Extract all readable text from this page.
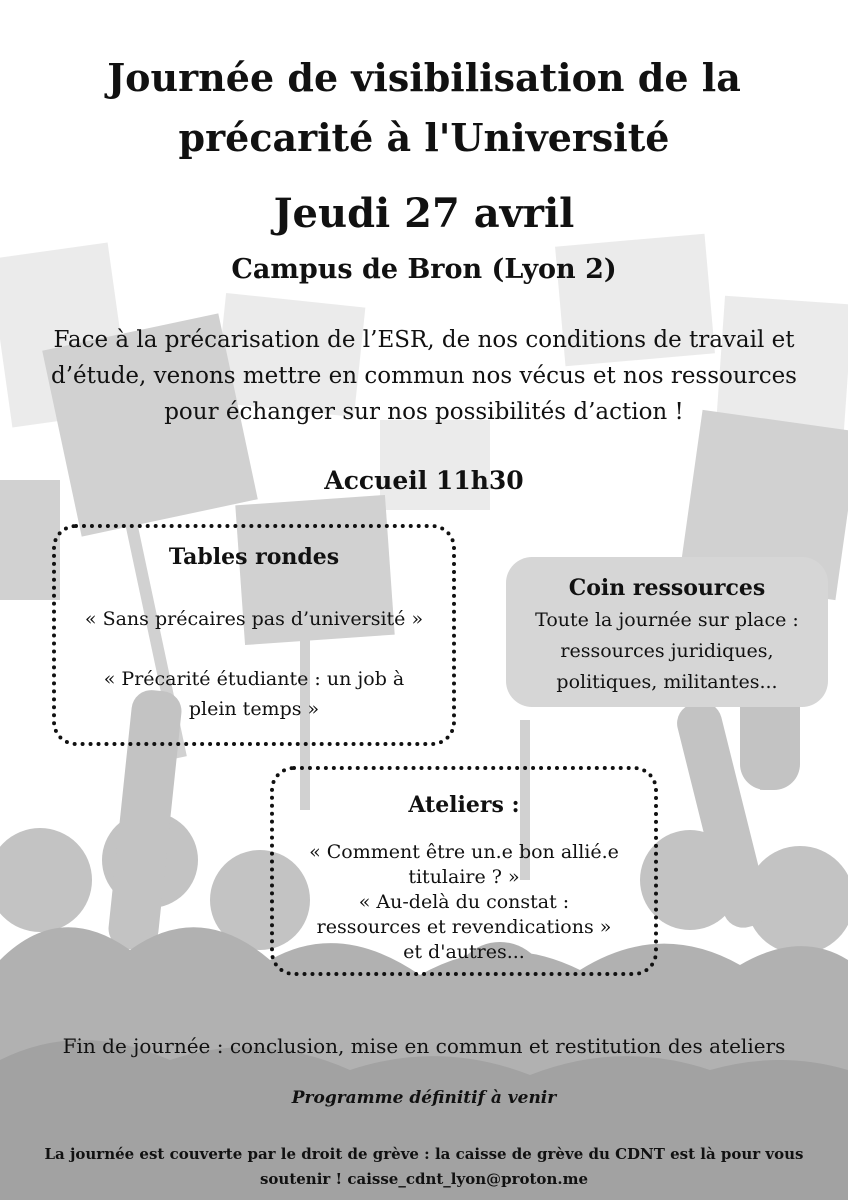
Journée de visibilisation de la
précarité à l'Université
Jeudi 27 avril
Campus de Bron (Lyon 2)
Face à la précarisation de l’ESR, de nos conditions de travail et
d’étude, venons mettre en commun nos vécus et nos ressources
pour échanger sur nos possibilités d’action !
Accueil 11h30
Tables rondes
« Sans précaires pas d’université »
« Précarité étudiante : un job à
plein temps »
Coin ressources
Toute la journée sur place :
ressources juridiques,
politiques, militantes...
Ateliers :
« Comment être un.e bon allié.e
titulaire ? »
« Au-delà du constat :
ressources et revendications »
et d'autres...
Fin de journée : conclusion, mise en commun et restitution des ateliers
Programme définitif à venir
La journée est couverte par le droit de grève : la caisse de grève du CDNT est là pour vous
soutenir ! caisse_cdnt_lyon@proton.me
